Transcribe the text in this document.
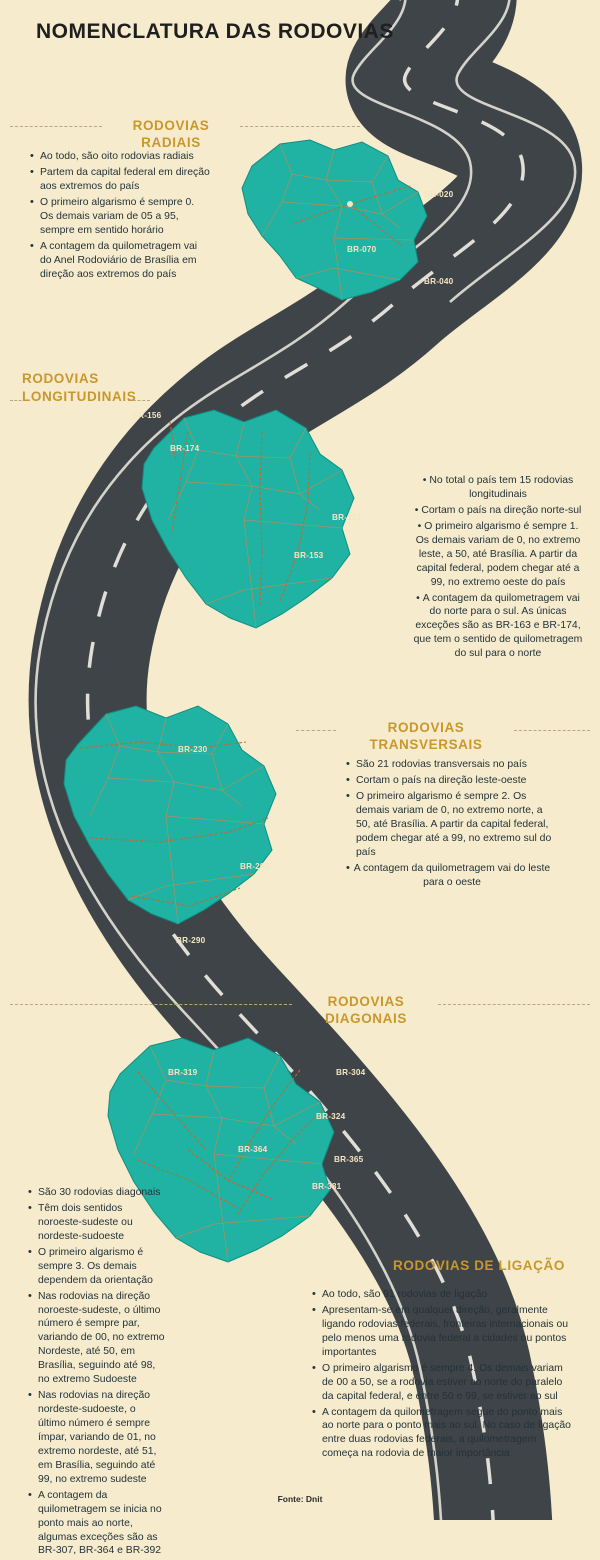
NOMENCLATURA DAS RODOVIAS
RODOVIAS RADIAIS
• Ao todo, são oito rodovias radiais
• Partem da capital federal em direção aos extremos do país
• O primeiro algarismo é sempre 0. Os demais variam de 05 a 95, sempre em sentido horário
• A contagem da quilometragem vai do Anel Rodoviário de Brasília em direção aos extremos do país
BR-020
BR-070
BR-040
RODOVIAS LONGITUDINAIS
BR-156
BR-174
BR-101
BR-153
• No total o país tem 15 rodovias longitudinais
• Cortam o país na direção norte-sul
• O primeiro algarismo é sempre 1. Os demais variam de 0, no extremo leste, a 50, até Brasília. A partir da capital federal, podem chegar até a 99, no extremo oeste do país
• A contagem da quilometragem vai do norte para o sul. As únicas exceções são as BR-163 e BR-174, que tem o sentido de quilometragem do sul para o norte
RODOVIAS TRANSVERSAIS
BR-230
BR-262
BR-290
• São 21 rodovias transversais no país
• Cortam o país na direção leste-oeste
• O primeiro algarismo é sempre 2. Os demais variam de 0, no extremo norte, a 50, até Brasília. A partir da capital federal, podem chegar até a 99, no extremo sul do país
• A contagem da quilometragem vai do leste para o oeste
RODOVIAS DIAGONAIS
BR-319	BR-304
BR-324
BR-364
BR-365
BR-381
• São 30 rodovias diagonais
• Têm dois sentidos noroeste-sudeste ou nordeste-sudoeste
• O primeiro algarismo é sempre 3. Os demais dependem da orientação
• Nas rodovias na direção noroeste-sudeste, o último número é sempre par, variando de 00, no extremo Nordeste, até 50, em Brasília, seguindo até 98, no extremo Sudoeste
• Nas rodovias na direção nordeste-sudoeste, o último número é sempre ímpar, variando de 01, no extremo nordeste, até 51, em Brasília, seguindo até 99, no extremo sudeste
• A contagem da quilometragem se inicia no ponto mais ao norte, algumas exceções são as BR-307, BR-364 e BR-392
RODOVIAS DE LIGAÇÃO
• Ao todo, são 91 rodovias de ligação
• Apresentam-se em qualquer direção, geralmente ligando rodovias federais, fronteiras internacionais ou pelo menos uma rodovia federal a cidades ou pontos importantes
• O primeiro algarismo é sempre 4. Os demais variam de 00 a 50, se a rodovia estiver ao norte do paralelo da capital federal, e entre 50 e 99, se estiver ao sul
• A contagem da quilometragem segue do ponto mais ao norte para o ponto mais ao sul. No caso de ligação entre duas rodovias federais, a quilometragem começa na rodovia de maior importância
Fonte: Dnit
